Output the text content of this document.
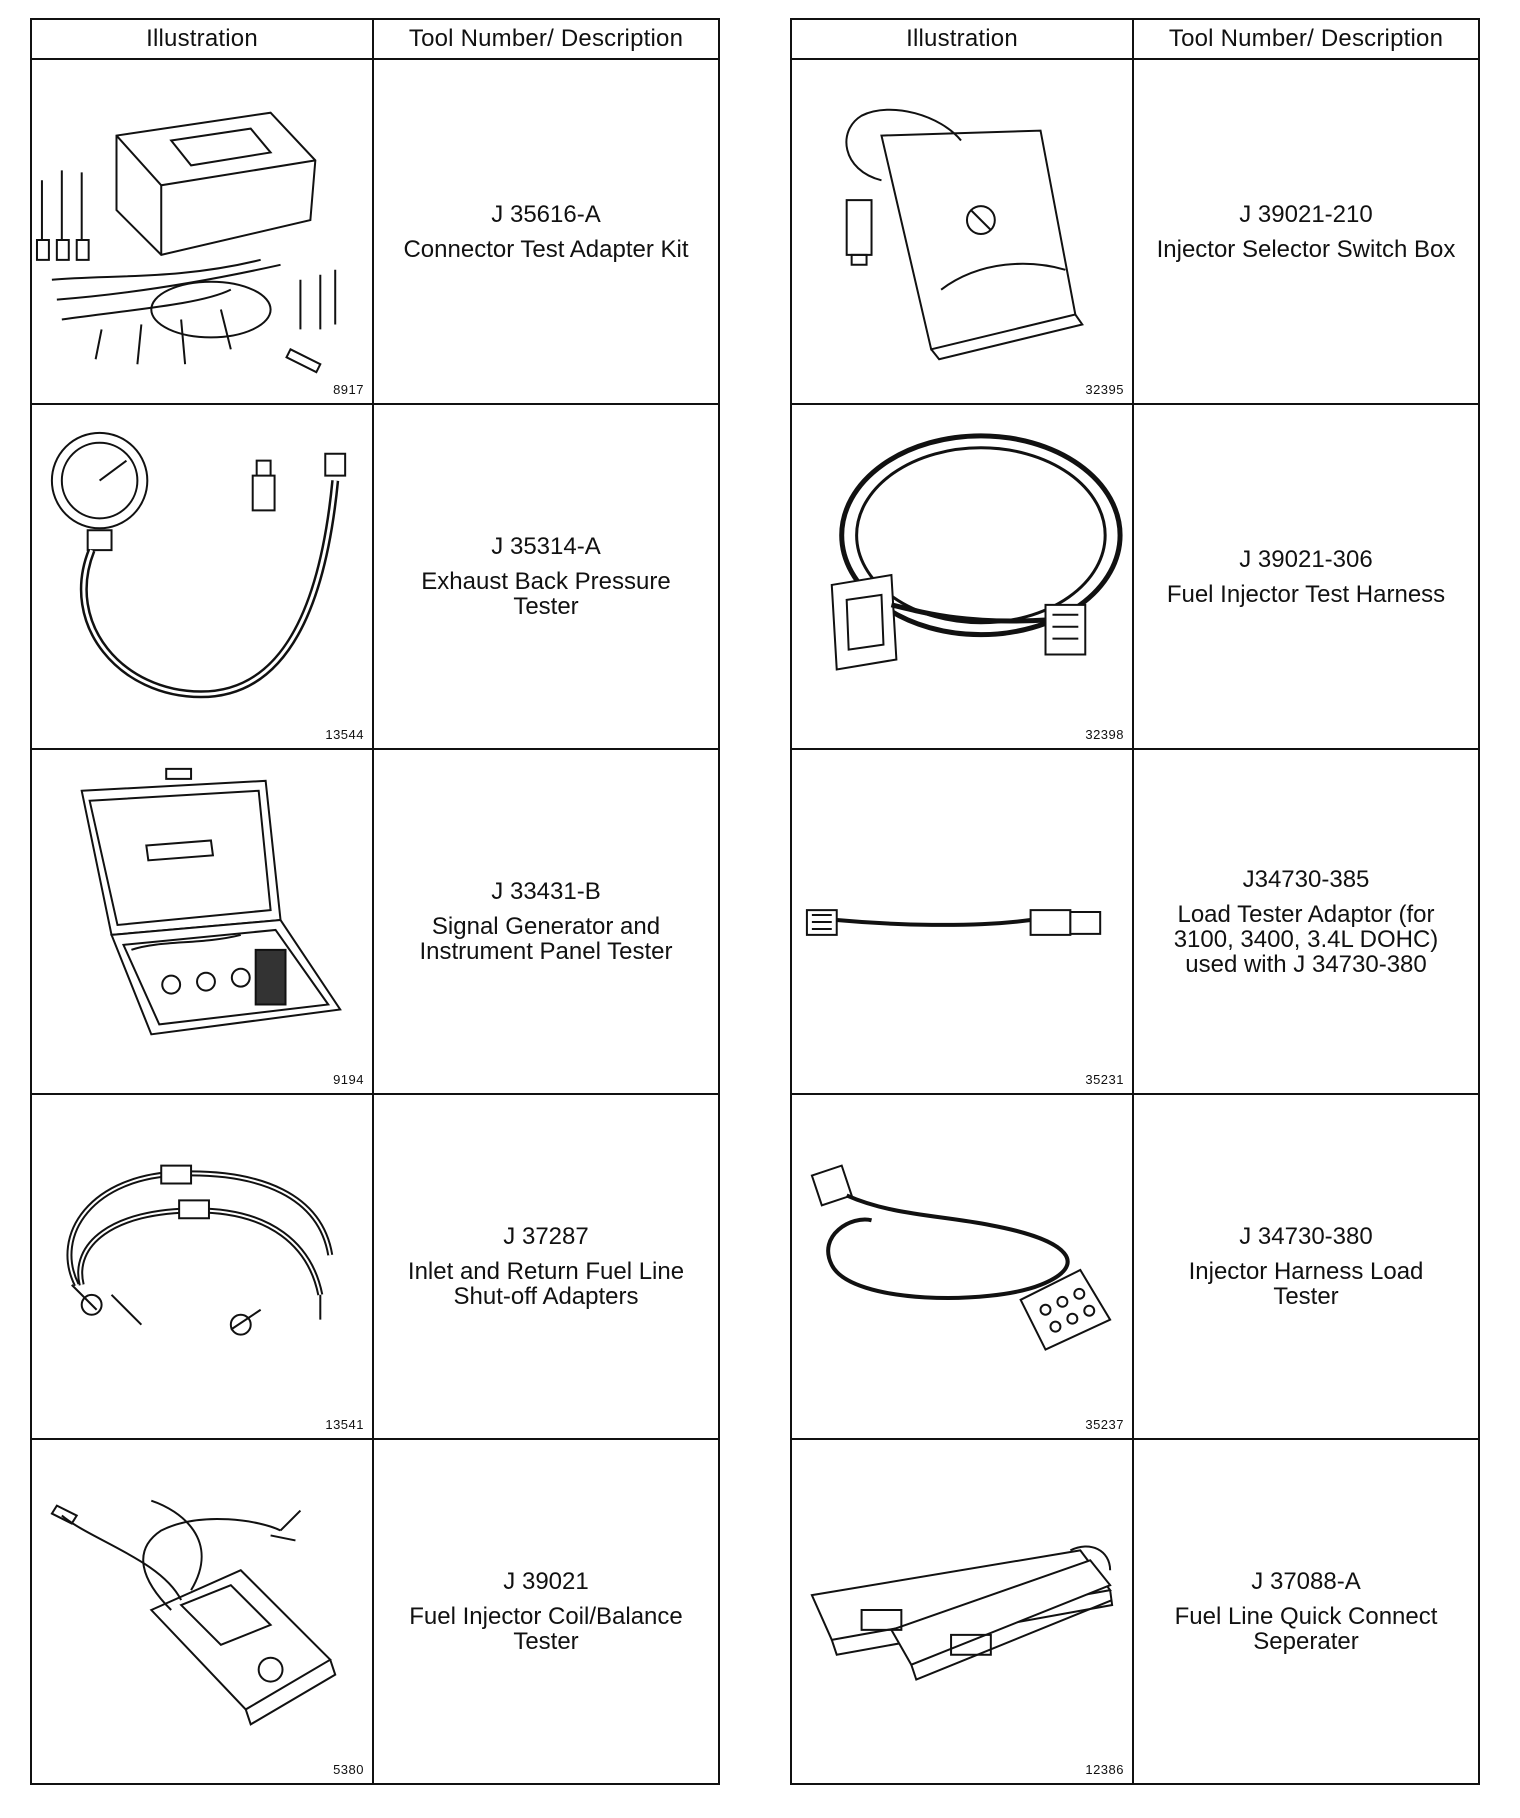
Illustration	Tool Number/ Description

8917	J 35616-A
Connector Test Adapter Kit

13544	J 35314-A
Exhaust Back Pressure
Tester

9194	J 33431-B
Signal Generator and
Instrument Panel Tester

13541	J 37287
Inlet and Return Fuel Line
Shut-off Adapters

5380	J 39021
Fuel Injector Coil/Balance
Tester
Illustration	Tool Number/ Description

32395	J 39021-210
Injector Selector Switch Box

32398	J 39021-306
Fuel Injector Test Harness

35231	J34730-385
Load Tester Adaptor (for
3100, 3400, 3.4L DOHC)
used with J 34730-380

35237	J 34730-380
Injector Harness Load
Tester

12386	J 37088-A
Fuel Line Quick Connect
Seperater
